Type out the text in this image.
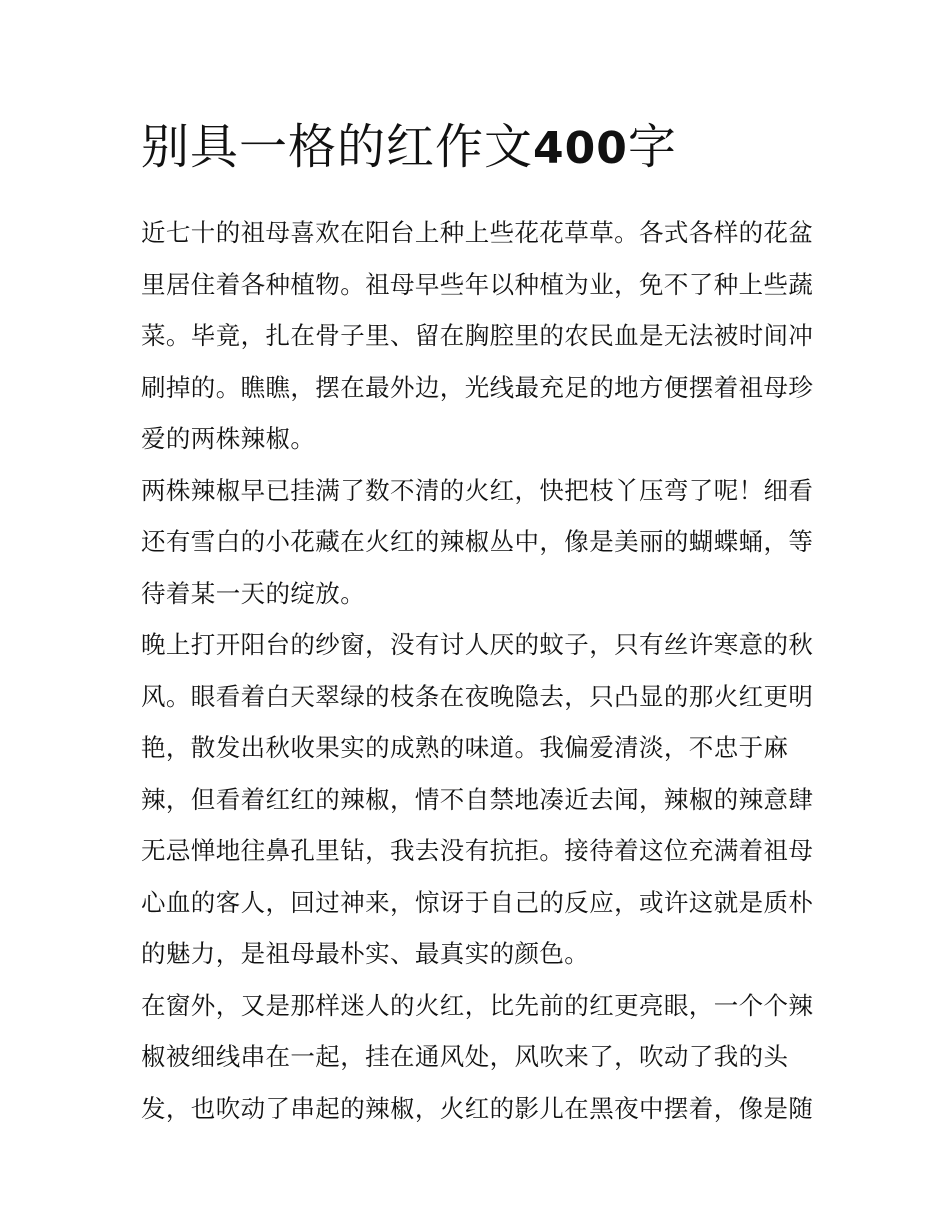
别具一格的红作文400字

近七十的祖母喜欢在阳台上种上些花花草草。各式各样的花盆
里居住着各种植物。祖母早些年以种植为业，免不了种上些蔬
菜。毕竟，扎在骨子里、留在胸腔里的农民血是无法被时间冲
刷掉的。瞧瞧，摆在最外边，光线最充足的地方便摆着祖母珍
爱的两株辣椒。

两株辣椒早已挂满了数不清的火红，快把枝丫压弯了呢！细看
还有雪白的小花藏在火红的辣椒丛中，像是美丽的蝴蝶蛹，等
待着某一天的绽放。

晚上打开阳台的纱窗，没有讨人厌的蚊子，只有丝许寒意的秋
风。眼看着白天翠绿的枝条在夜晚隐去，只凸显的那火红更明
艳，散发出秋收果实的成熟的味道。我偏爱清淡，不忠于麻
辣，但看着红红的辣椒，情不自禁地凑近去闻，辣椒的辣意肆
无忌惮地往鼻孔里钻，我去没有抗拒。接待着这位充满着祖母
心血的客人，回过神来，惊讶于自己的反应，或许这就是质朴
的魅力，是祖母最朴实、最真实的颜色。

在窗外，又是那样迷人的火红，比先前的红更亮眼，一个个辣
椒被细线串在一起，挂在通风处，风吹来了，吹动了我的头
发，也吹动了串起的辣椒，火红的影儿在黑夜中摆着，像是随
